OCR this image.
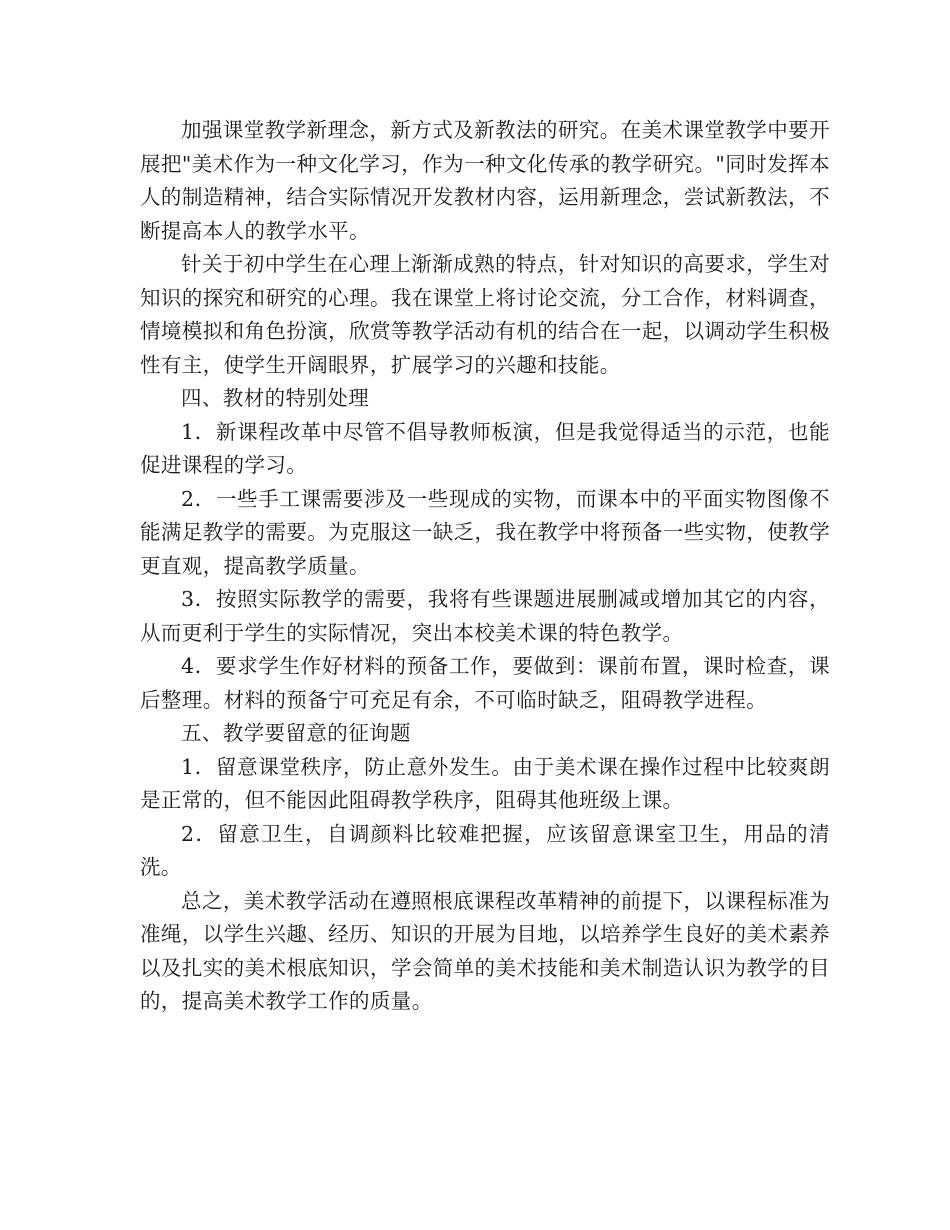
加强课堂教学新理念，新方式及新教法的研究。在美术课堂教学中要开展把"美术作为一种文化学习，作为一种文化传承的教学研究。"同时发挥本人的制造精神，结合实际情况开发教材内容，运用新理念，尝试新教法，不断提高本人的教学水平。

针关于初中学生在心理上渐渐成熟的特点，针对知识的高要求，学生对知识的探究和研究的心理。我在课堂上将讨论交流，分工合作，材料调查，情境模拟和角色扮演，欣赏等教学活动有机的结合在一起，以调动学生积极性有主，使学生开阔眼界，扩展学习的兴趣和技能。

四、教材的特别处理

1．新课程改革中尽管不倡导教师板演，但是我觉得适当的示范，也能促进课程的学习。

2．一些手工课需要涉及一些现成的实物，而课本中的平面实物图像不能满足教学的需要。为克服这一缺乏，我在教学中将预备一些实物，使教学更直观，提高教学质量。

3．按照实际教学的需要，我将有些课题进展删减或增加其它的内容，从而更利于学生的实际情况，突出本校美术课的特色教学。

4．要求学生作好材料的预备工作，要做到：课前布置，课时检查，课后整理。材料的预备宁可充足有余，不可临时缺乏，阻碍教学进程。

五、教学要留意的征询题

1．留意课堂秩序，防止意外发生。由于美术课在操作过程中比较爽朗是正常的，但不能因此阻碍教学秩序，阻碍其他班级上课。

2．留意卫生，自调颜料比较难把握，应该留意课室卫生，用品的清洗。

总之，美术教学活动在遵照根底课程改革精神的前提下，以课程标准为准绳，以学生兴趣、经历、知识的开展为目地，以培养学生良好的美术素养以及扎实的美术根底知识，学会简单的美术技能和美术制造认识为教学的目的，提高美术教学工作的质量。
